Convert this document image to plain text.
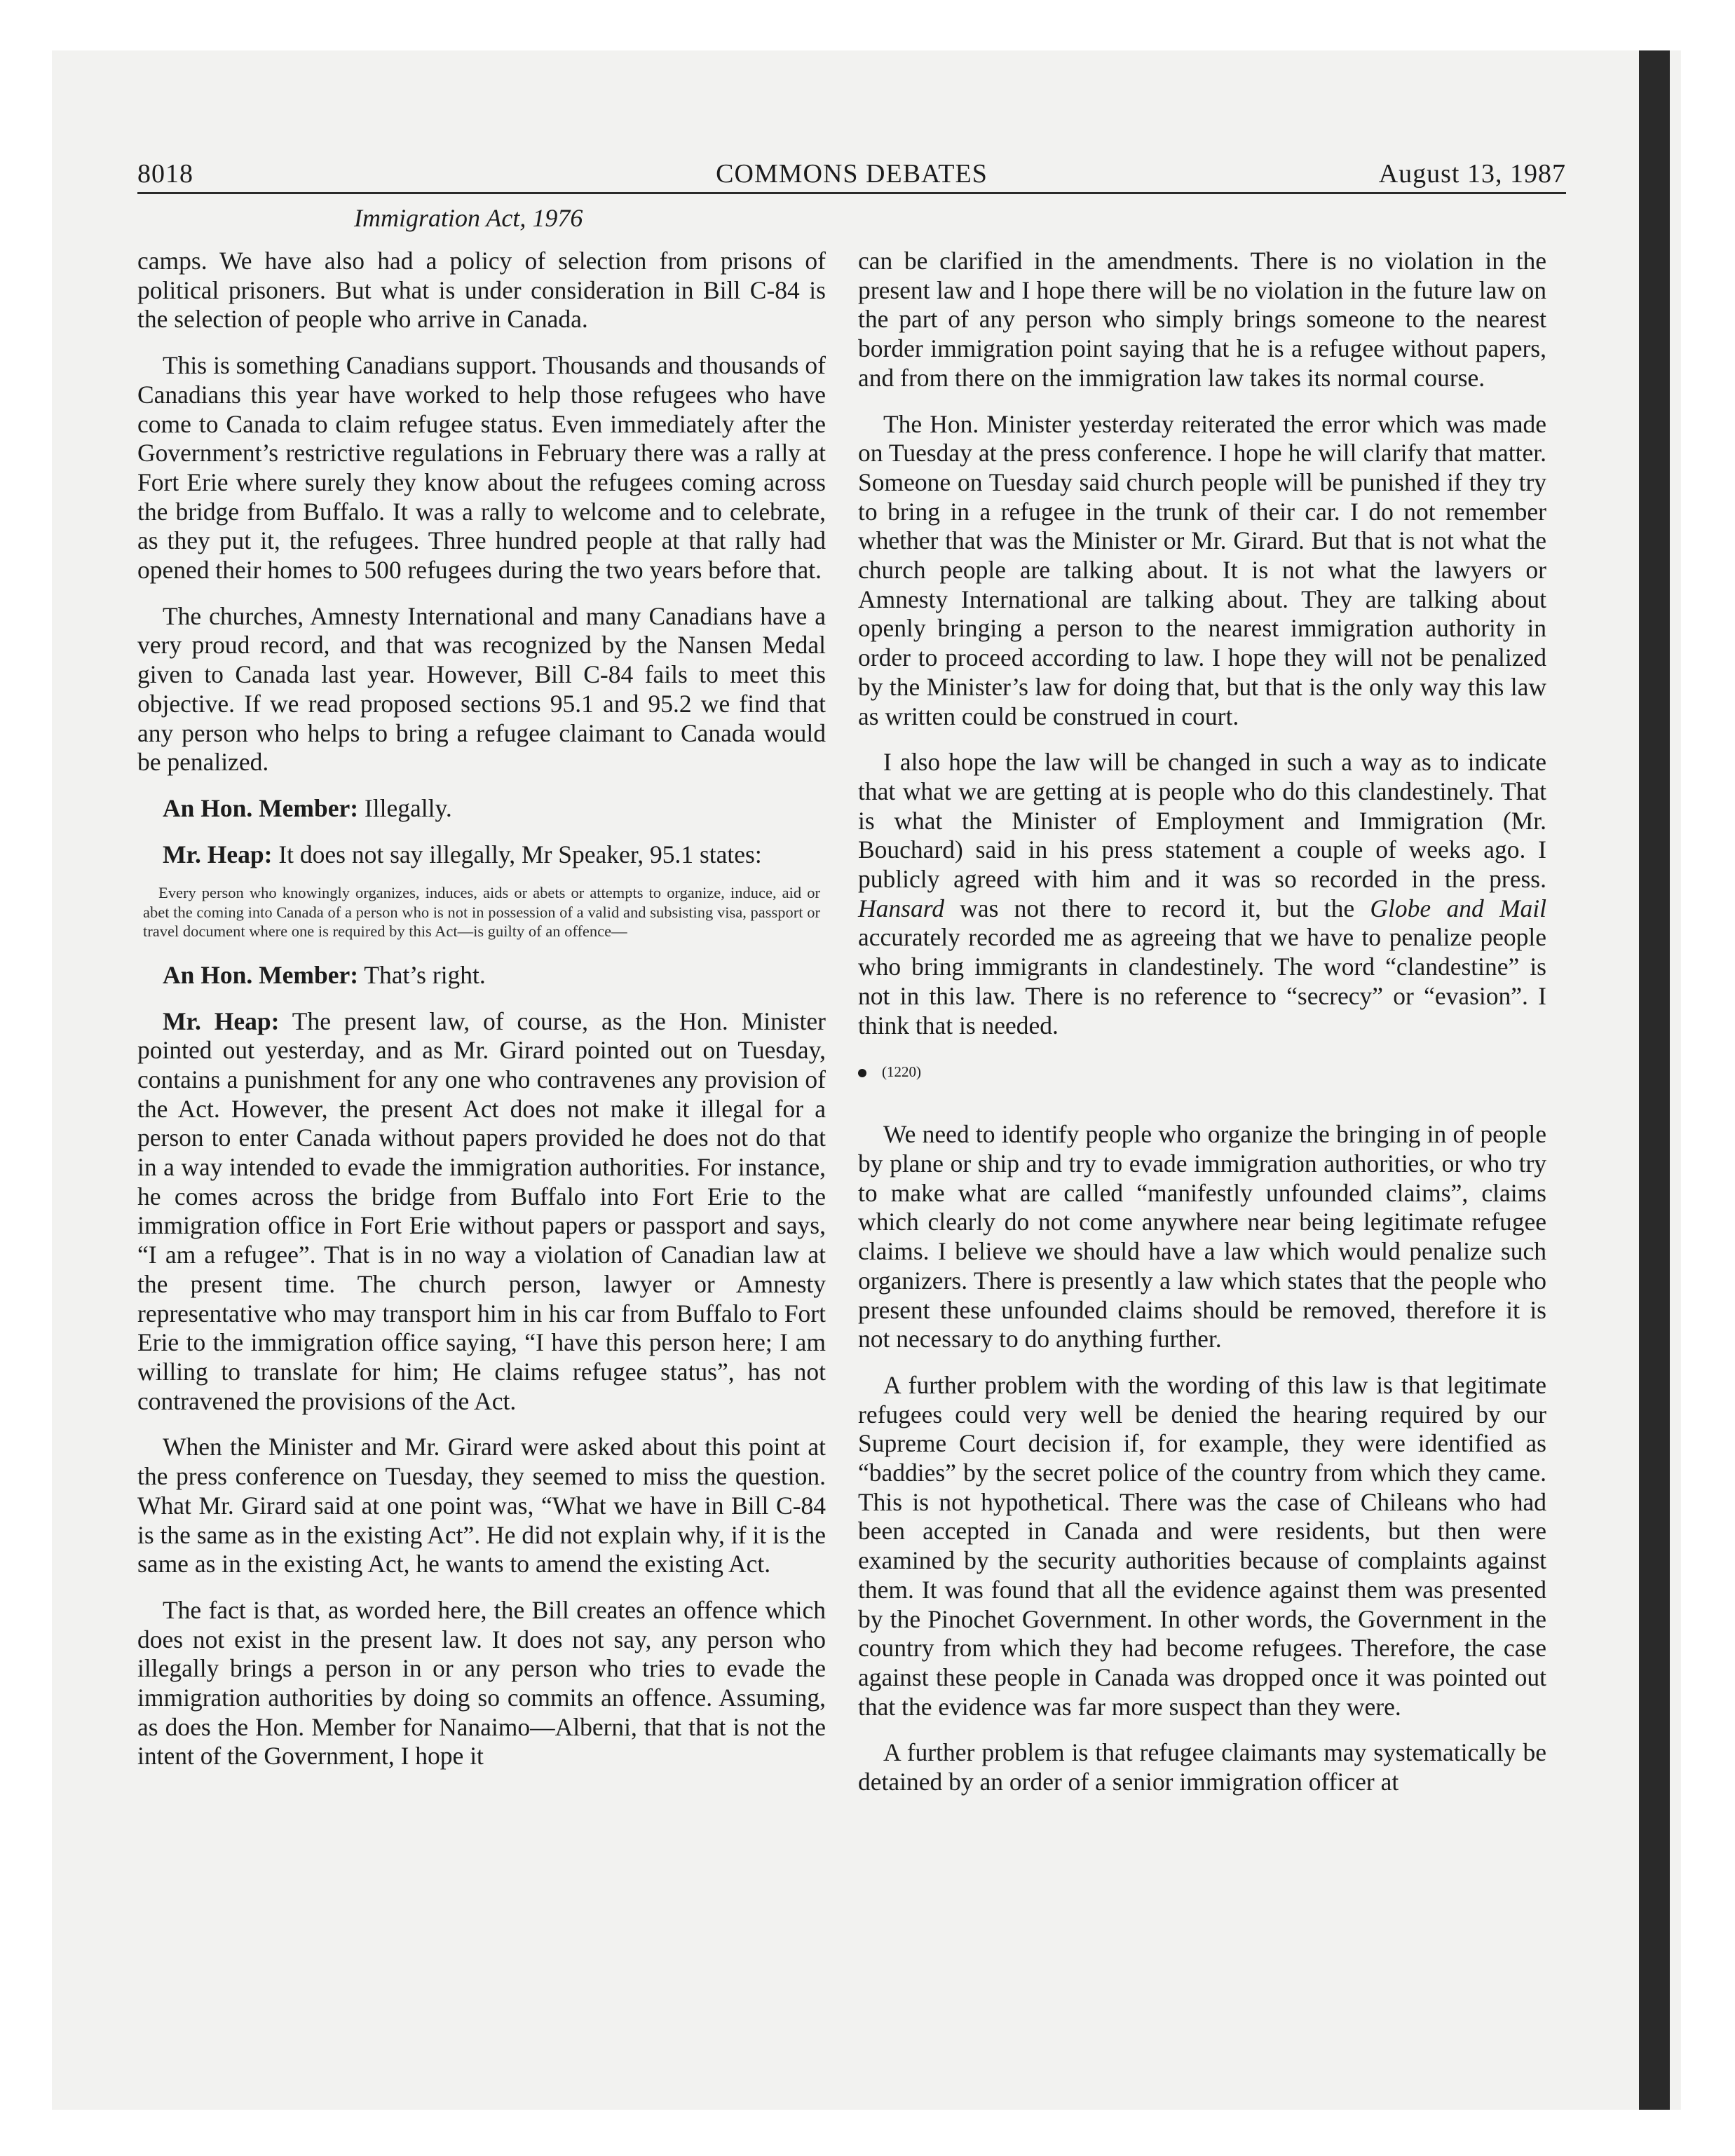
8018	COMMONS DEBATES	August 13, 1987
Immigration Act, 1976

camps. We have also had a policy of selection from prisons of political prisoners. But what is under consideration in Bill C-84 is the selection of people who arrive in Canada.

This is something Canadians support. Thousands and thousands of Canadians this year have worked to help those refugees who have come to Canada to claim refugee status. Even immediately after the Government’s restrictive regulations in February there was a rally at Fort Erie where surely they know about the refugees coming across the bridge from Buffalo. It was a rally to welcome and to celebrate, as they put it, the refugees. Three hundred people at that rally had opened their homes to 500 refugees during the two years before that.

The churches, Amnesty International and many Canadians have a very proud record, and that was recognized by the Nansen Medal given to Canada last year. However, Bill C-84 fails to meet this objective. If we read proposed sections 95.1 and 95.2 we find that any person who helps to bring a refugee claimant to Canada would be penalized.

An Hon. Member: Illegally.

Mr. Heap: It does not say illegally, Mr Speaker, 95.1 states:

Every person who knowingly organizes, induces, aids or abets or attempts to organize, induce, aid or abet the coming into Canada of a person who is not in possession of a valid and subsisting visa, passport or travel document where one is required by this Act—is guilty of an offence—

An Hon. Member: That’s right.

Mr. Heap: The present law, of course, as the Hon. Minister pointed out yesterday, and as Mr. Girard pointed out on Tuesday, contains a punishment for any one who contravenes any provision of the Act. However, the present Act does not make it illegal for a person to enter Canada without papers provided he does not do that in a way intended to evade the immigration authorities. For instance, he comes across the bridge from Buffalo into Fort Erie to the immigration office in Fort Erie without papers or passport and says, “I am a refugee”. That is in no way a violation of Canadian law at the present time. The church person, lawyer or Amnesty representative who may transport him in his car from Buffalo to Fort Erie to the immigration office saying, “I have this person here; I am willing to translate for him; He claims refugee status”, has not contravened the provisions of the Act.

When the Minister and Mr. Girard were asked about this point at the press conference on Tuesday, they seemed to miss the question. What Mr. Girard said at one point was, “What we have in Bill C-84 is the same as in the existing Act”. He did not explain why, if it is the same as in the existing Act, he wants to amend the existing Act.

The fact is that, as worded here, the Bill creates an offence which does not exist in the present law. It does not say, any person who illegally brings a person in or any person who tries to evade the immigration authorities by doing so commits an offence. Assuming, as does the Hon. Member for Nanaimo—Alberni, that that is not the intent of the Government, I hope it

can be clarified in the amendments. There is no violation in the present law and I hope there will be no violation in the future law on the part of any person who simply brings someone to the nearest border immigration point saying that he is a refugee without papers, and from there on the immigration law takes its normal course.

The Hon. Minister yesterday reiterated the error which was made on Tuesday at the press conference. I hope he will clarify that matter. Someone on Tuesday said church people will be punished if they try to bring in a refugee in the trunk of their car. I do not remember whether that was the Minister or Mr. Girard. But that is not what the church people are talking about. It is not what the lawyers or Amnesty International are talking about. They are talking about openly bringing a person to the nearest immigration authority in order to proceed according to law. I hope they will not be penalized by the Minister’s law for doing that, but that is the only way this law as written could be construed in court.

I also hope the law will be changed in such a way as to indicate that what we are getting at is people who do this clandestinely. That is what the Minister of Employment and Immigration (Mr. Bouchard) said in his press statement a couple of weeks ago. I publicly agreed with him and it was so recorded in the press. Hansard was not there to record it, but the Globe and Mail accurately recorded me as agreeing that we have to penalize people who bring immigrants in clandestinely. The word “clandestine” is not in this law. There is no reference to “secrecy” or “evasion”. I think that is needed.

(1220)

We need to identify people who organize the bringing in of people by plane or ship and try to evade immigration authorities, or who try to make what are called “manifestly unfounded claims”, claims which clearly do not come anywhere near being legitimate refugee claims. I believe we should have a law which would penalize such organizers. There is presently a law which states that the people who present these unfounded claims should be removed, therefore it is not necessary to do anything further.

A further problem with the wording of this law is that legitimate refugees could very well be denied the hearing required by our Supreme Court decision if, for example, they were identified as “baddies” by the secret police of the country from which they came. This is not hypothetical. There was the case of Chileans who had been accepted in Canada and were residents, but then were examined by the security authorities because of complaints against them. It was found that all the evidence against them was presented by the Pinochet Government. In other words, the Government in the country from which they had become refugees. Therefore, the case against these people in Canada was dropped once it was pointed out that the evidence was far more suspect than they were.

A further problem is that refugee claimants may systematically be detained by an order of a senior immigration officer at
